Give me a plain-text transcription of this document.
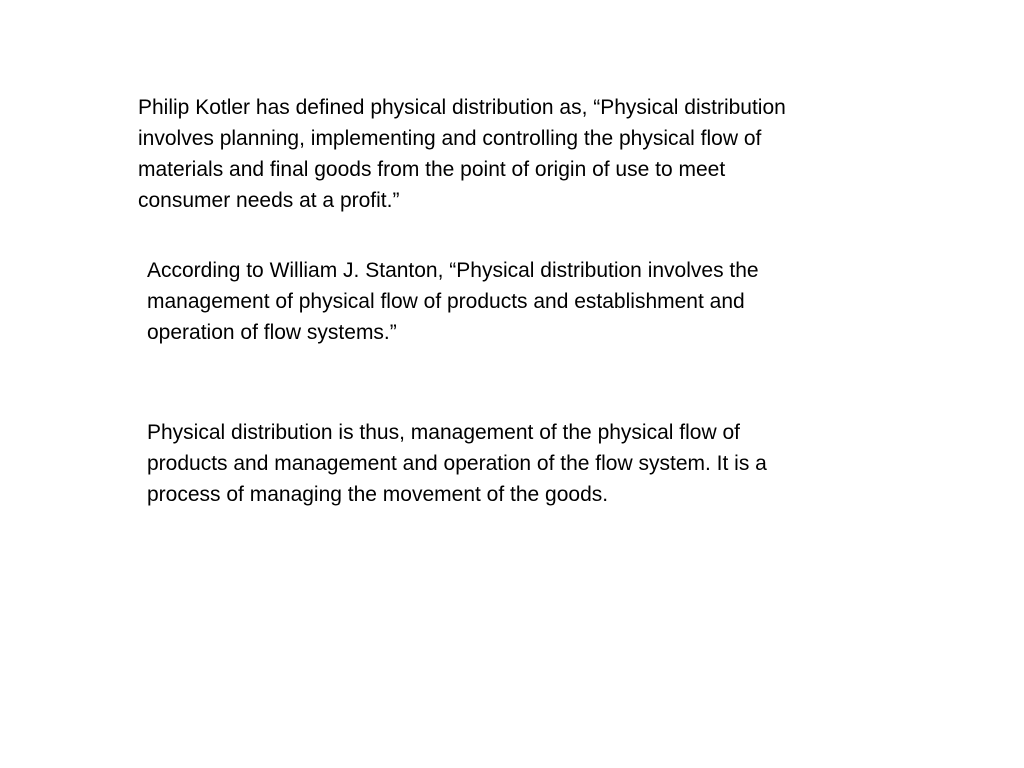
Philip Kotler has defined physical distribution as, “Physical distribution
involves planning, implementing and controlling the physical flow of
materials and final goods from the point of origin of use to meet
consumer needs at a profit.”

According to William J. Stanton, “Physical distribution involves the
management of physical flow of products and establishment and
operation of flow systems.”

Physical distribution is thus, management of the physical flow of
products and management and operation of the flow system. It is a
process of managing the movement of the goods.
